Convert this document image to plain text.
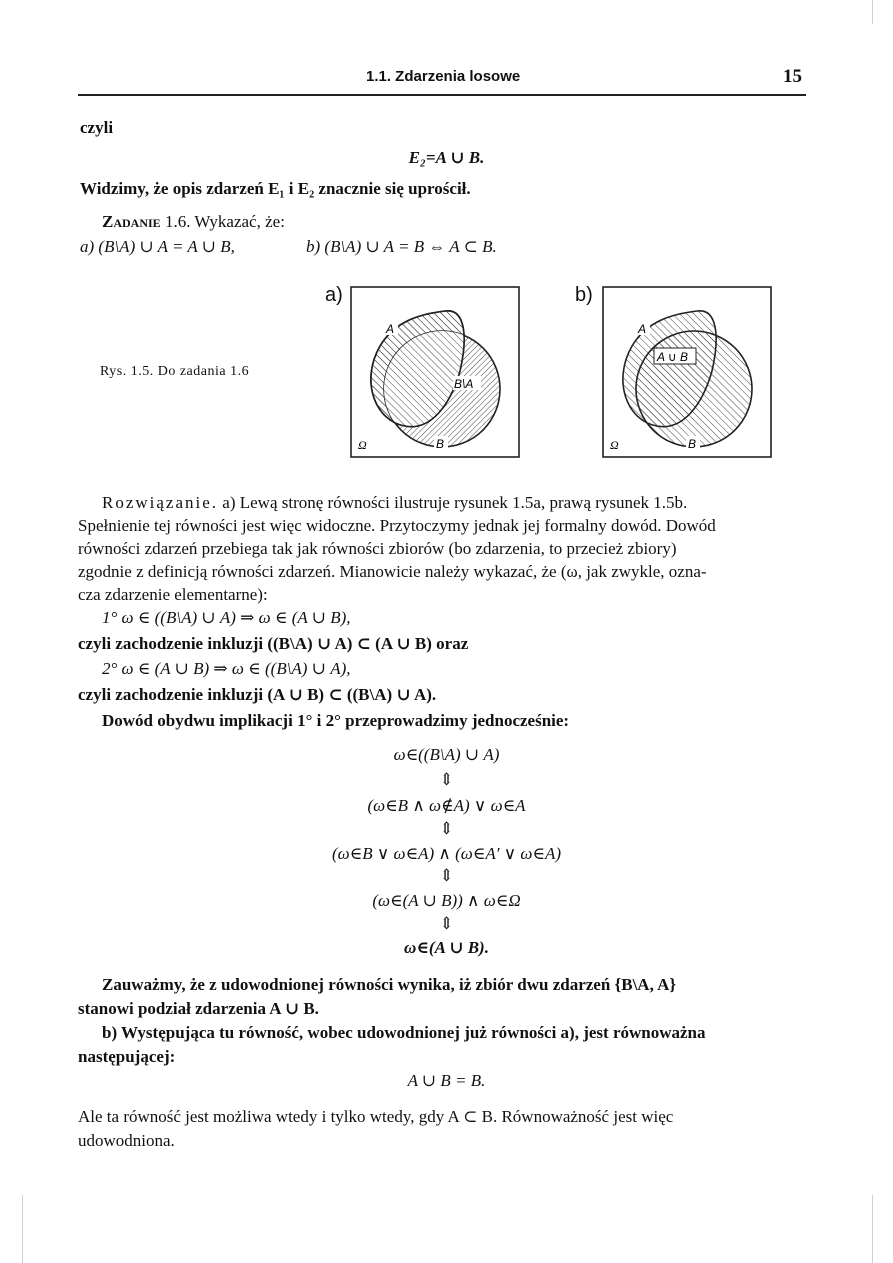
1.1. Zdarzenia losowe	15
czyli
E₂=A ∪ B.
Widzimy, że opis zdarzeń E₁ i E₂ znacznie się uprościł.
Zadanie 1.6. Wykazać, że:
a) (B\A) ∪ A = A ∪ B,	b) (B\A) ∪ A = B ⇔ A ⊂ B.
Rys. 1.5. Do zadania 1.6
a)	b)
A
B\A
B
Ω
A
A ∪ B
B
Ω
Rozwiązanie. a) Lewą stronę równości ilustruje rysunek 1.5a, prawą rysunek 1.5b.
Spełnienie tej równości jest więc widoczne. Przytoczymy jednak jej formalny dowód. Dowód
równości zdarzeń przebiega tak jak równości zbiorów (bo zdarzenia, to przecież zbiory)
zgodnie z definicją równości zdarzeń. Mianowicie należy wykazać, że (ω, jak zwykle, ozna-
cza zdarzenie elementarne):
1° ω ∈ ((B\A) ∪ A) ⇒ ω ∈ (A ∪ B),
czyli zachodzenie inkluzji ((B\A) ∪ A) ⊂ (A ∪ B) oraz
2° ω ∈ (A ∪ B) ⇒ ω ∈ ((B\A) ∪ A),
czyli zachodzenie inkluzji (A ∪ B) ⊂ ((B\A) ∪ A).
Dowód obydwu implikacji 1° i 2° przeprowadzimy jednocześnie:
ω∈((B\A) ∪ A)
⇕
(ω∈B ∧ ω∉A) ∨ ω∈A
⇕
(ω∈B ∨ ω∈A) ∧ (ω∈A′ ∨ ω∈A)
⇕
(ω∈(A ∪ B)) ∧ ω∈Ω
⇕
ω∈(A ∪ B).
Zauważmy, że z udowodnionej równości wynika, iż zbiór dwu zdarzeń {B\A, A}
stanowi podział zdarzenia A ∪ B.
b) Występująca tu równość, wobec udowodnionej już równości a), jest równoważna
następującej:
A ∪ B = B.
Ale ta równość jest możliwa wtedy i tylko wtedy, gdy A ⊂ B. Równoważność jest więc
udowodniona.
